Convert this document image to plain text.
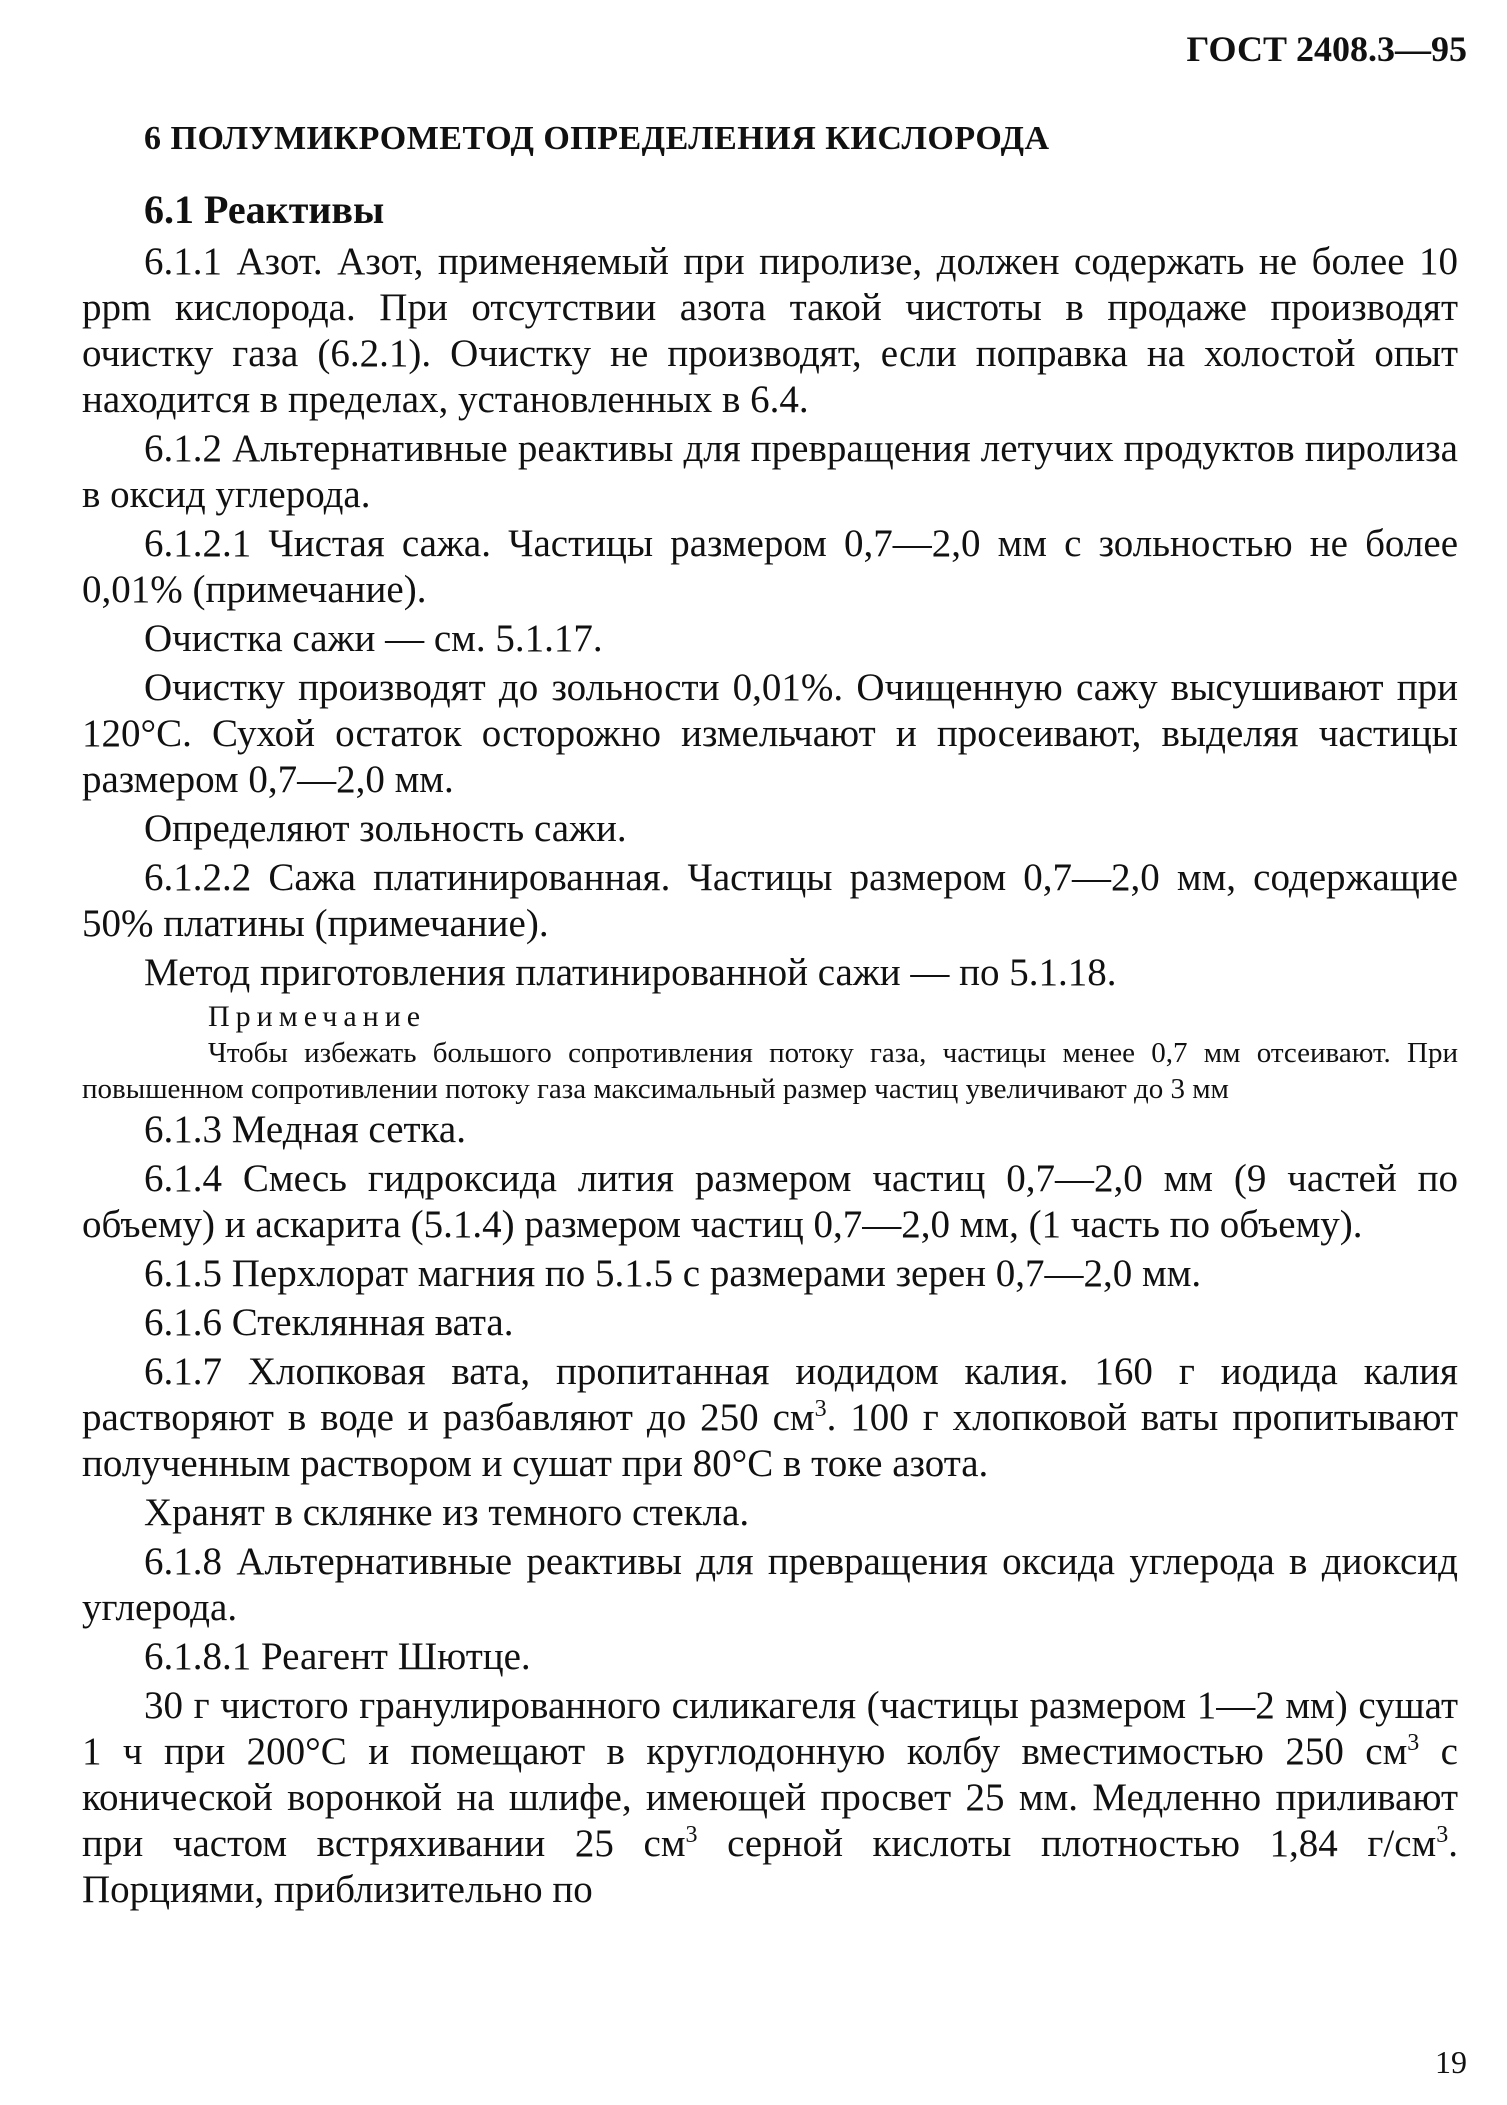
ГОСТ 2408.3—95
6 ПОЛУМИКРОМЕТОД ОПРЕДЕЛЕНИЯ КИСЛОРОДА
6.1 Реактивы

6.1.1 Азот. Азот, применяемый при пиролизе, должен содержать не более 10 ppm кислорода. При отсутствии азота такой чистоты в продаже производят очистку газа (6.2.1). Очистку не производят, если поправка на холостой опыт находится в пределах, установленных в 6.4.

6.1.2 Альтернативные реактивы для превращения летучих продуктов пиролиза в оксид углерода.

6.1.2.1 Чистая сажа. Частицы размером 0,7—2,0 мм с зольностью не более 0,01% (примечание).

Очистка сажи — см. 5.1.17.

Очистку производят до зольности 0,01%. Очищенную сажу высушивают при 120°С. Сухой остаток осторожно измельчают и просеивают, выделяя частицы размером 0,7—2,0 мм.

Определяют зольность сажи.

6.1.2.2 Сажа платинированная. Частицы размером 0,7—2,0 мм, содержащие 50% платины (примечание).

Метод приготовления платинированной сажи — по 5.1.18.

Примечание

Чтобы избежать большого сопротивления потоку газа, частицы менее 0,7 мм отсеивают. При повышенном сопротивлении потоку газа максимальный размер частиц увеличивают до 3 мм

6.1.3 Медная сетка.

6.1.4 Смесь гидроксида лития размером частиц 0,7—2,0 мм (9 частей по объему) и аскарита (5.1.4) размером частиц 0,7—2,0 мм, (1 часть по объему).

6.1.5 Перхлорат магния по 5.1.5 с размерами зерен 0,7—2,0 мм.

6.1.6 Стеклянная вата.

6.1.7 Хлопковая вата, пропитанная иодидом калия. 160 г иодида калия растворяют в воде и разбавляют до 250 $см^3$. 100 г хлопковой ваты пропитывают полученным раствором и сушат при 80°С в токе азота.

Хранят в склянке из темного стекла.

6.1.8 Альтернативные реактивы для превращения оксида углерода в диоксид углерода.

6.1.8.1 Реагент Шютце.

30 г чистого гранулированного силикагеля (частицы размером 1—2 мм) сушат 1 ч при 200°С и помещают в круглодонную колбу вместимостью 250 $см^3$ с конической воронкой на шлифе, имеющей просвет 25 мм. Медленно приливают при частом встряхивании 25 $см^3$ серной кислоты плотностью 1,84 $г/см^3$. Порциями, приблизительно по

19
